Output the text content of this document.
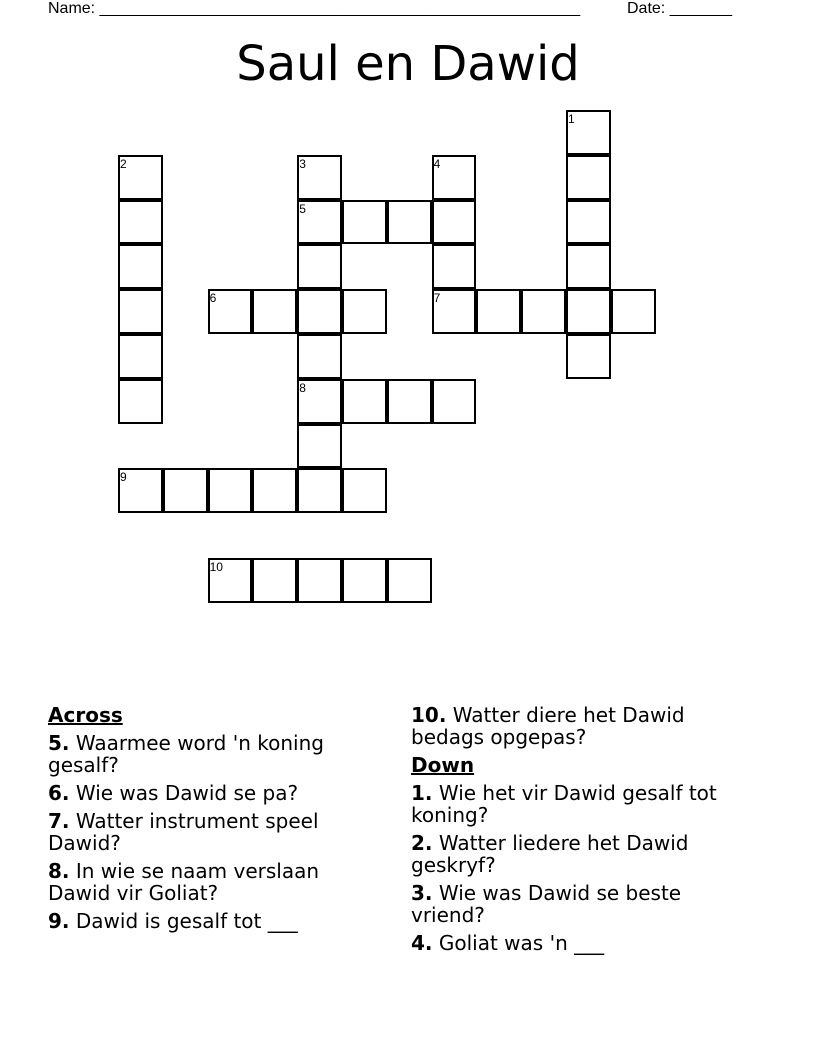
Name: ______________________________________________________	Date: _______
Saul en Dawid
1
2	3	4
5
6	7
8
9
10
Across
5. Waarmee word 'n koning gesalf?
6. Wie was Dawid se pa?
7. Watter instrument speel Dawid?
8. In wie se naam verslaan Dawid vir Goliat?
9. Dawid is gesalf tot ___
10. Watter diere het Dawid bedags opgepas?
Down
1. Wie het vir Dawid gesalf tot koning?
2. Watter liedere het Dawid geskryf?
3. Wie was Dawid se beste vriend?
4. Goliat was 'n ___
